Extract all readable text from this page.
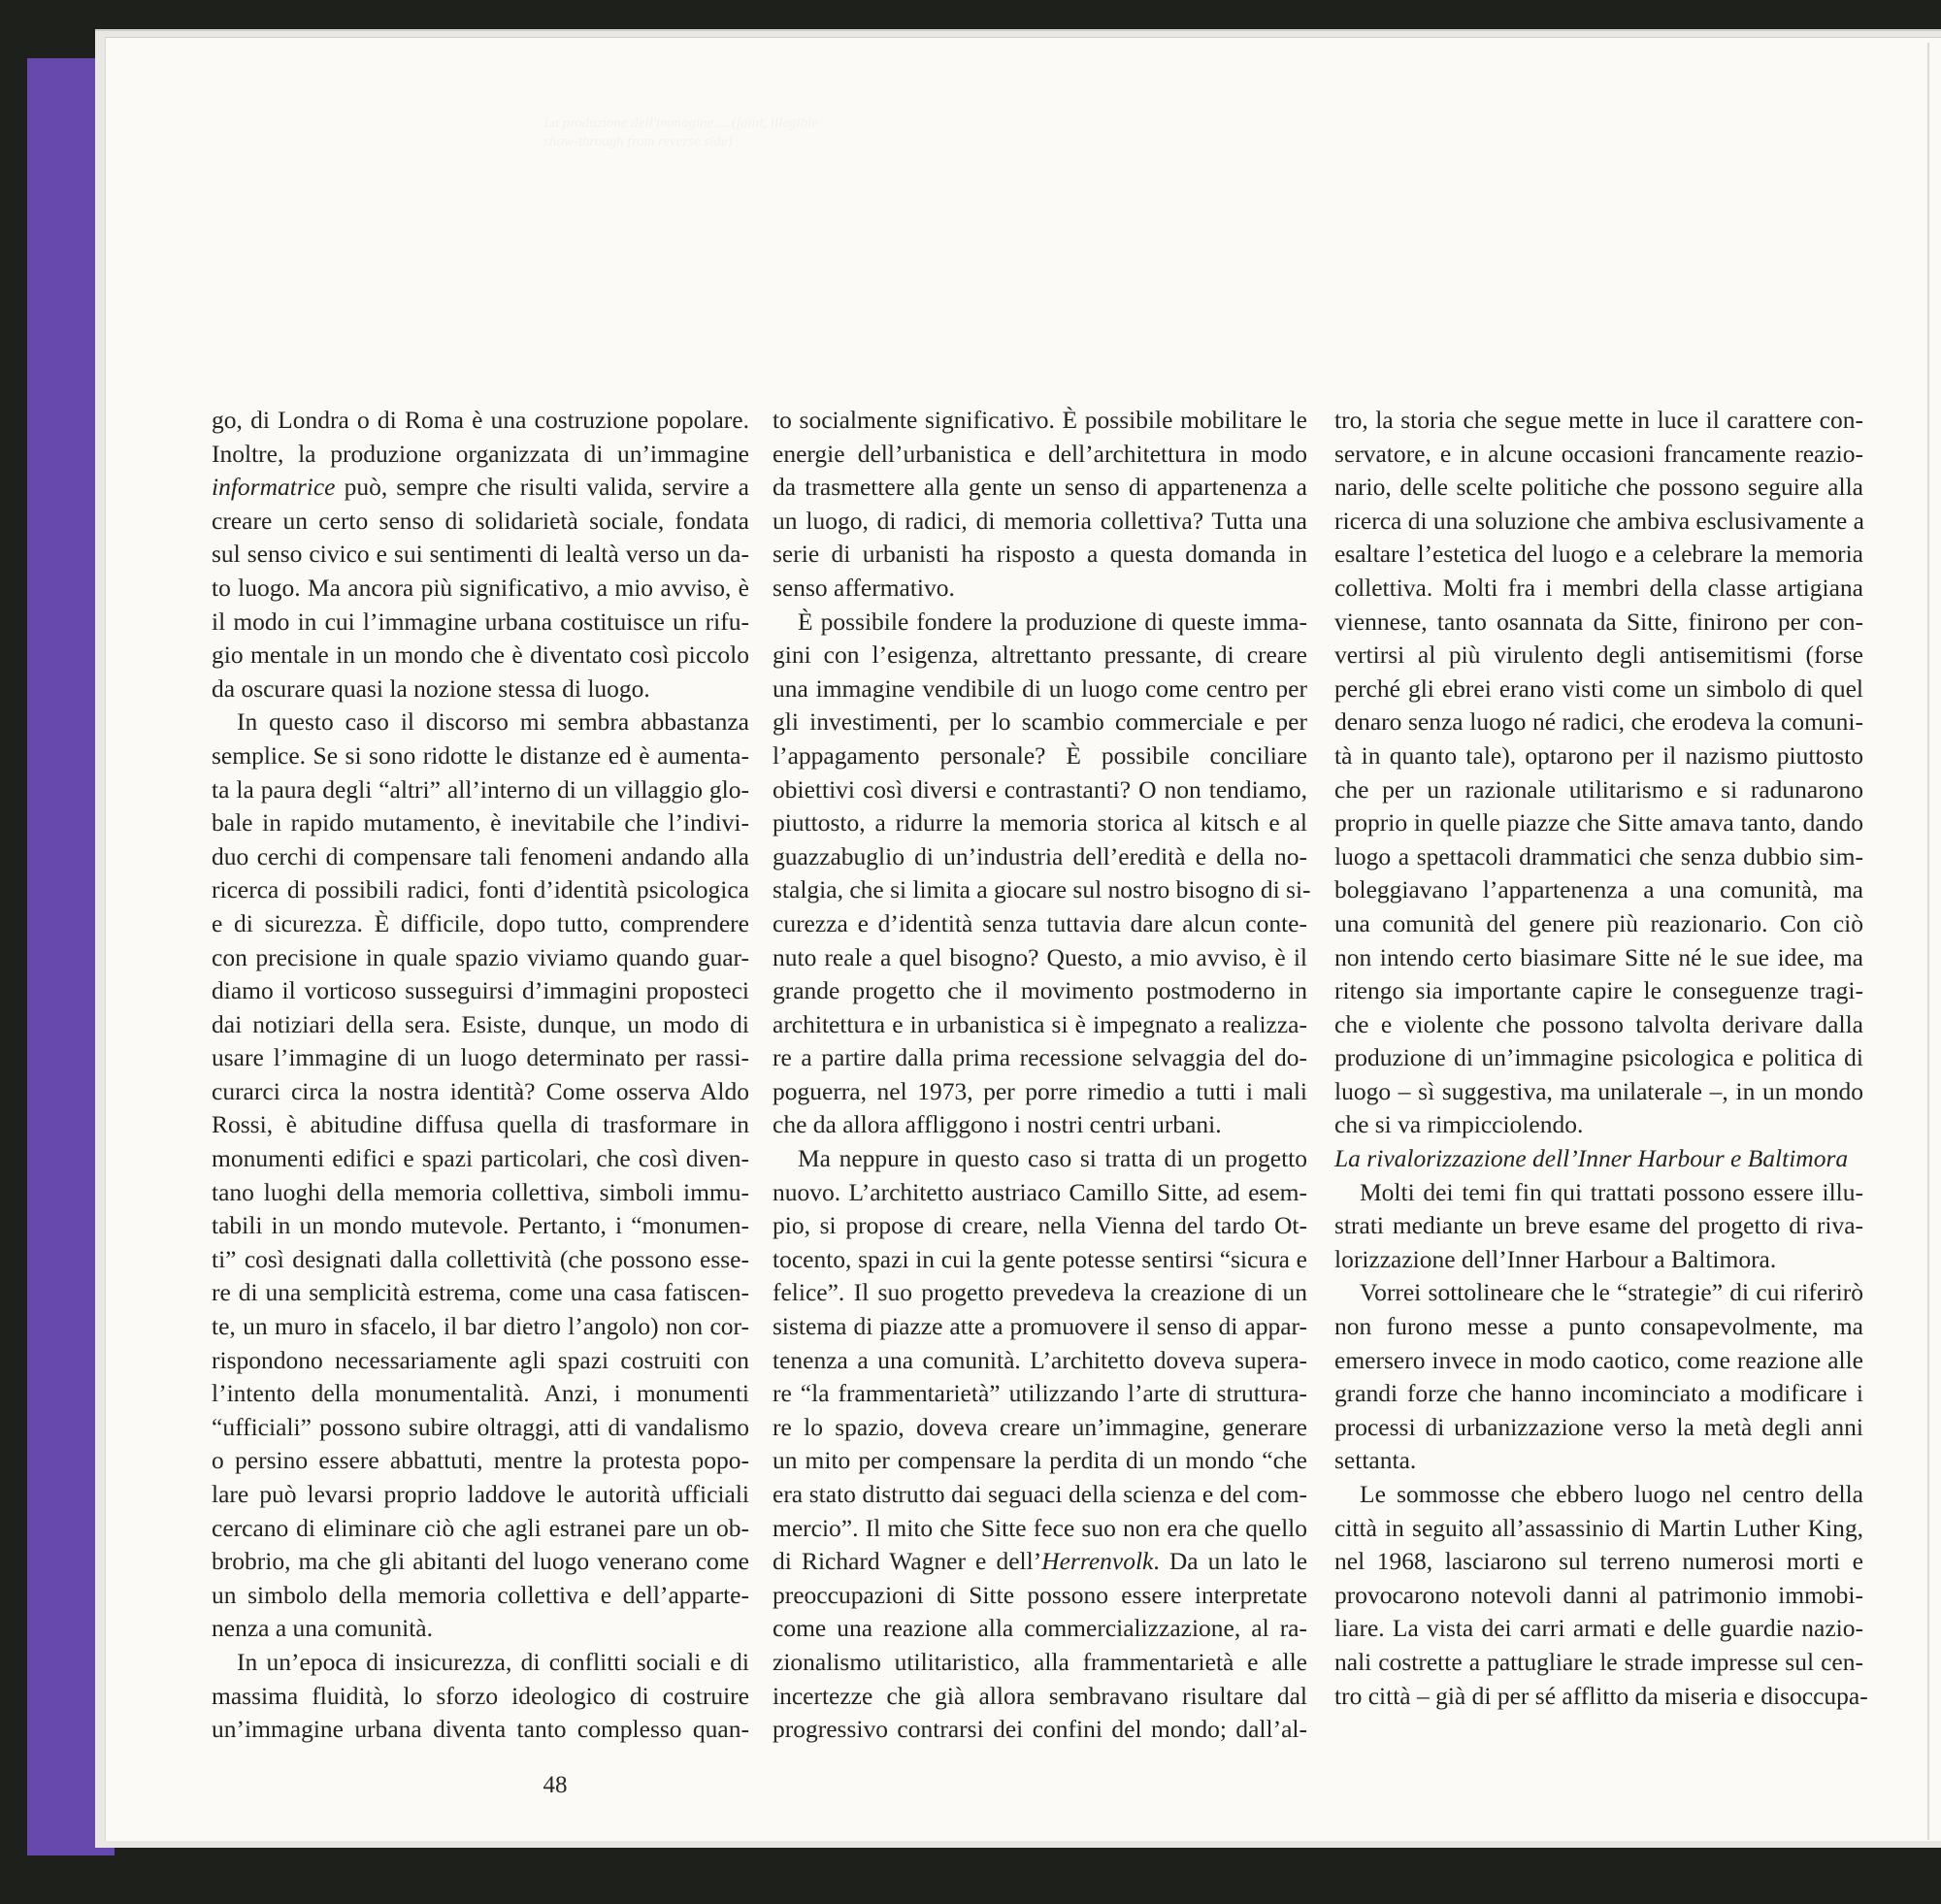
La produzione dell'immagine ... (faint, illegible show-through from reverse side)
go, di Londra o di Roma è una costruzione popolare.
Inoltre, la produzione organizzata di un’immagine
informatrice può, sempre che risulti valida, servire a
creare un certo senso di solidarietà sociale, fondata
sul senso civico e sui sentimenti di lealtà verso un da-
to luogo. Ma ancora più significativo, a mio avviso, è
il modo in cui l’immagine urbana costituisce un rifu-
gio mentale in un mondo che è diventato così piccolo
da oscurare quasi la nozione stessa di luogo.
In questo caso il discorso mi sembra abbastanza
semplice. Se si sono ridotte le distanze ed è aumenta-
ta la paura degli “altri” all’interno di un villaggio glo-
bale in rapido mutamento, è inevitabile che l’indivi-
duo cerchi di compensare tali fenomeni andando alla
ricerca di possibili radici, fonti d’identità psicologica
e di sicurezza. È difficile, dopo tutto, comprendere
con precisione in quale spazio viviamo quando guar-
diamo il vorticoso susseguirsi d’immagini proposteci
dai notiziari della sera. Esiste, dunque, un modo di
usare l’immagine di un luogo determinato per rassi-
curarci circa la nostra identità? Come osserva Aldo
Rossi, è abitudine diffusa quella di trasformare in
monumenti edifici e spazi particolari, che così diven-
tano luoghi della memoria collettiva, simboli immu-
tabili in un mondo mutevole. Pertanto, i “monumen-
ti” così designati dalla collettività (che possono esse-
re di una semplicità estrema, come una casa fatiscen-
te, un muro in sfacelo, il bar dietro l’angolo) non cor-
rispondono necessariamente agli spazi costruiti con
l’intento della monumentalità. Anzi, i monumenti
“ufficiali” possono subire oltraggi, atti di vandalismo
o persino essere abbattuti, mentre la protesta popo-
lare può levarsi proprio laddove le autorità ufficiali
cercano di eliminare ciò che agli estranei pare un ob-
brobrio, ma che gli abitanti del luogo venerano come
un simbolo della memoria collettiva e dell’apparte-
nenza a una comunità.
In un’epoca di insicurezza, di conflitti sociali e di
massima fluidità, lo sforzo ideologico di costruire
un’immagine urbana diventa tanto complesso quan-
to socialmente significativo. È possibile mobilitare le
energie dell’urbanistica e dell’architettura in modo
da trasmettere alla gente un senso di appartenenza a
un luogo, di radici, di memoria collettiva? Tutta una
serie di urbanisti ha risposto a questa domanda in
senso affermativo.
È possibile fondere la produzione di queste imma-
gini con l’esigenza, altrettanto pressante, di creare
una immagine vendibile di un luogo come centro per
gli investimenti, per lo scambio commerciale e per
l’appagamento personale? È possibile conciliare
obiettivi così diversi e contrastanti? O non tendiamo,
piuttosto, a ridurre la memoria storica al kitsch e al
guazzabuglio di un’industria dell’eredità e della no-
stalgia, che si limita a giocare sul nostro bisogno di si-
curezza e d’identità senza tuttavia dare alcun conte-
nuto reale a quel bisogno? Questo, a mio avviso, è il
grande progetto che il movimento postmoderno in
architettura e in urbanistica si è impegnato a realizza-
re a partire dalla prima recessione selvaggia del do-
poguerra, nel 1973, per porre rimedio a tutti i mali
che da allora affliggono i nostri centri urbani.
Ma neppure in questo caso si tratta di un progetto
nuovo. L’architetto austriaco Camillo Sitte, ad esem-
pio, si propose di creare, nella Vienna del tardo Ot-
tocento, spazi in cui la gente potesse sentirsi “sicura e
felice”. Il suo progetto prevedeva la creazione di un
sistema di piazze atte a promuovere il senso di appar-
tenenza a una comunità. L’architetto doveva supera-
re “la frammentarietà” utilizzando l’arte di struttura-
re lo spazio, doveva creare un’immagine, generare
un mito per compensare la perdita di un mondo “che
era stato distrutto dai seguaci della scienza e del com-
mercio”. Il mito che Sitte fece suo non era che quello
di Richard Wagner e dell’Herrenvolk. Da un lato le
preoccupazioni di Sitte possono essere interpretate
come una reazione alla commercializzazione, al ra-
zionalismo utilitaristico, alla frammentarietà e alle
incertezze che già allora sembravano risultare dal
progressivo contrarsi dei confini del mondo; dall’al-
tro, la storia che segue mette in luce il carattere con-
servatore, e in alcune occasioni francamente reazio-
nario, delle scelte politiche che possono seguire alla
ricerca di una soluzione che ambiva esclusivamente a
esaltare l’estetica del luogo e a celebrare la memoria
collettiva. Molti fra i membri della classe artigiana
viennese, tanto osannata da Sitte, finirono per con-
vertirsi al più virulento degli antisemitismi (forse
perché gli ebrei erano visti come un simbolo di quel
denaro senza luogo né radici, che erodeva la comuni-
tà in quanto tale), optarono per il nazismo piuttosto
che per un razionale utilitarismo e si radunarono
proprio in quelle piazze che Sitte amava tanto, dando
luogo a spettacoli drammatici che senza dubbio sim-
boleggiavano l’appartenenza a una comunità, ma
una comunità del genere più reazionario. Con ciò
non intendo certo biasimare Sitte né le sue idee, ma
ritengo sia importante capire le conseguenze tragi-
che e violente che possono talvolta derivare dalla
produzione di un’immagine psicologica e politica di
luogo – sì suggestiva, ma unilaterale –, in un mondo
che si va rimpicciolendo.
La rivalorizzazione dell’Inner Harbour e Baltimora
Molti dei temi fin qui trattati possono essere illu-
strati mediante un breve esame del progetto di riva-
lorizzazione dell’Inner Harbour a Baltimora.
Vorrei sottolineare che le “strategie” di cui riferirò
non furono messe a punto consapevolmente, ma
emersero invece in modo caotico, come reazione alle
grandi forze che hanno incominciato a modificare i
processi di urbanizzazione verso la metà degli anni
settanta.
Le sommosse che ebbero luogo nel centro della
città in seguito all’assassinio di Martin Luther King,
nel 1968, lasciarono sul terreno numerosi morti e
provocarono notevoli danni al patrimonio immobi-
liare. La vista dei carri armati e delle guardie nazio-
nali costrette a pattugliare le strade impresse sul cen-
tro città – già di per sé afflitto da miseria e disoccupa-
48
